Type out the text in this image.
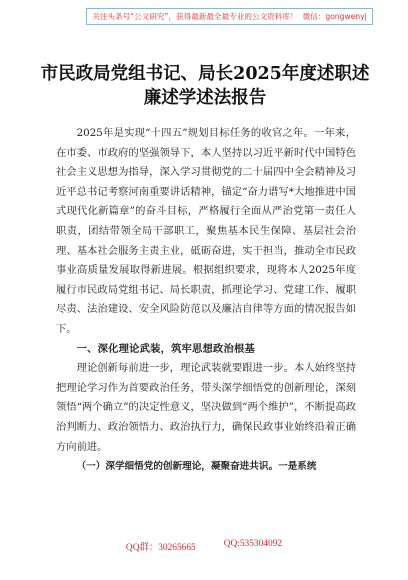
关注头条号“公文研究”，获得最新最全最专业的公文资料库！ 微信：gongwenyj
市民政局党组书记、局长2025年度述职述
廉述学述法报告

2025年是实现“十四五”规划目标任务的收官之年。一年来，在市委、市政府的坚强领导下，本人坚持以习近平新时代中国特色社会主义思想为指导，深入学习贯彻党的二十届四中全会精神及习近平总书记考察河南重要讲话精神，锚定“奋力谱写*大地推进中国式现代化新篇章”的奋斗目标，严格履行全面从严治党第一责任人职责，团结带领全局干部职工，聚焦基本民生保障、基层社会治理、基本社会服务主责主业，砥砺奋进，实干担当，推动全市民政事业高质量发展取得新进展。根据组织要求，现将本人2025年度履行市民政局党组书记、局长职责，抓理论学习、党建工作、履职尽责、法治建设、安全风险防范以及廉洁自律等方面的情况报告如下。

一、深化理论武装，筑牢思想政治根基

理论创新每前进一步，理论武装就要跟进一步。本人始终坚持把理论学习作为首要政治任务，带头深学细悟党的创新理论，深刻领悟“两个确立”的决定性意义，坚决做到“两个维护”，不断提高政治判断力、政治领悟力、政治执行力，确保民政事业始终沿着正确方向前进。

（一）深学细悟党的创新理论，凝聚奋进共识。一是系统

QQ群：30265665	QQ:535304092
